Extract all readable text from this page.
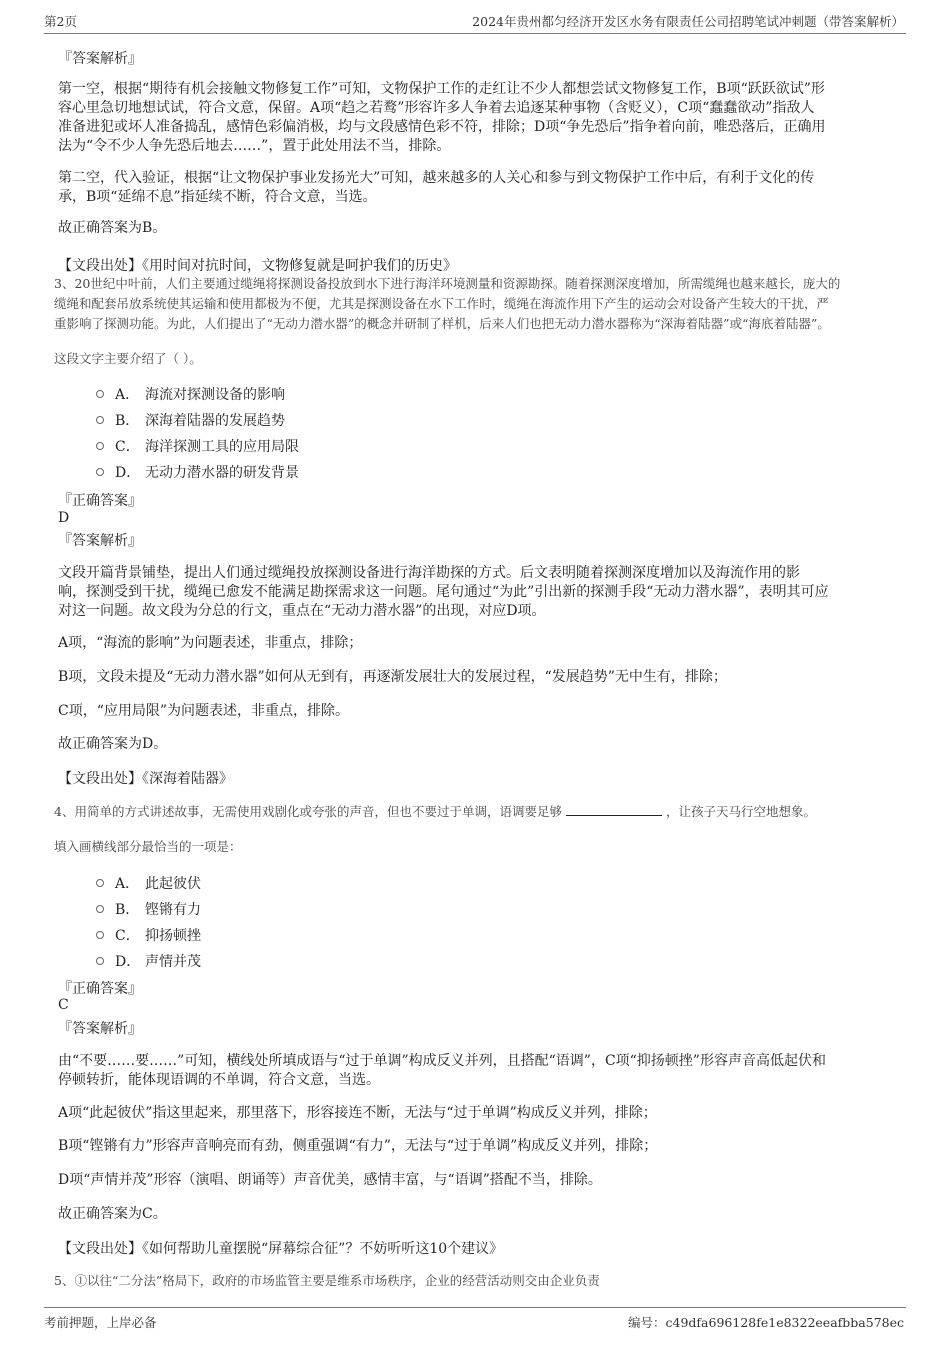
第2页	2024年贵州都匀经济开发区水务有限责任公司招聘笔试冲刺题（带答案解析）
『答案解析』
第一空，根据“期待有机会接触文物修复工作”可知，文物保护工作的走红让不少人都想尝试文物修复工作，B项“跃跃欲试”形
容心里急切地想试试，符合文意，保留。A项“趋之若鹜”形容许多人争着去追逐某种事物（含贬义），C项“蠢蠢欲动”指敌人
准备进犯或坏人准备捣乱，感情色彩偏消极，均与文段感情色彩不符，排除；D项“争先恐后”指争着向前，唯恐落后，正确用
法为“令不少人争先恐后地去……”，置于此处用法不当，排除。
第二空，代入验证，根据“让文物保护事业发扬光大”可知，越来越多的人关心和参与到文物保护工作中后，有利于文化的传
承，B项“延绵不息”指延续不断，符合文意，当选。
故正确答案为B。
【文段出处】《用时间对抗时间，文物修复就是呵护我们的历史》
3、20世纪中叶前，人们主要通过缆绳将探测设备投放到水下进行海洋环境测量和资源勘探。随着探测深度增加，所需缆绳也越来越长，庞大的
缆绳和配套吊放系统使其运输和使用都极为不便，尤其是探测设备在水下工作时，缆绳在海流作用下产生的运动会对设备产生较大的干扰，严
重影响了探测功能。为此，人们提出了“无动力潜水器”的概念并研制了样机，后来人们也把无动力潜水器称为“深海着陆器”或“海底着陆器”。
这段文字主要介绍了（ ）。
A． 海流对探测设备的影响
B． 深海着陆器的发展趋势
C． 海洋探测工具的应用局限
D． 无动力潜水器的研发背景
『正确答案』
D
『答案解析』
文段开篇背景铺垫，提出人们通过缆绳投放探测设备进行海洋勘探的方式。后文表明随着探测深度增加以及海流作用的影
响，探测受到干扰，缆绳已愈发不能满足勘探需求这一问题。尾句通过“为此”引出新的探测手段“无动力潜水器”，表明其可应
对这一问题。故文段为分总的行文，重点在“无动力潜水器”的出现，对应D项。
A项，“海流的影响”为问题表述，非重点，排除；
B项，文段未提及“无动力潜水器”如何从无到有，再逐渐发展壮大的发展过程，“发展趋势”无中生有，排除；
C项，“应用局限”为问题表述，非重点，排除。
故正确答案为D。
【文段出处】《深海着陆器》
4、用简单的方式讲述故事，无需使用戏剧化或夸张的声音，但也不要过于单调，语调要足够	，让孩子天马行空地想象。
填入画横线部分最恰当的一项是：
A． 此起彼伏
B． 铿锵有力
C． 抑扬顿挫
D． 声情并茂
『正确答案』
C
『答案解析』
由“不要……要……”可知，横线处所填成语与“过于单调”构成反义并列，且搭配“语调”，C项“抑扬顿挫”形容声音高低起伏和
停顿转折，能体现语调的不单调，符合文意，当选。
A项“此起彼伏”指这里起来，那里落下，形容接连不断，无法与“过于单调”构成反义并列，排除；
B项“铿锵有力”形容声音响亮而有劲，侧重强调“有力”，无法与“过于单调”构成反义并列，排除；
D项“声情并茂”形容（演唱、朗诵等）声音优美，感情丰富，与“语调”搭配不当，排除。
故正确答案为C。
【文段出处】《如何帮助儿童摆脱“屏幕综合征”？不妨听听这10个建议》
5、①以往“二分法”格局下，政府的市场监管主要是维系市场秩序，企业的经营活动则交由企业负责
考前押题，上岸必备	编号：c49dfa696128fe1e8322eeafbba578ec
